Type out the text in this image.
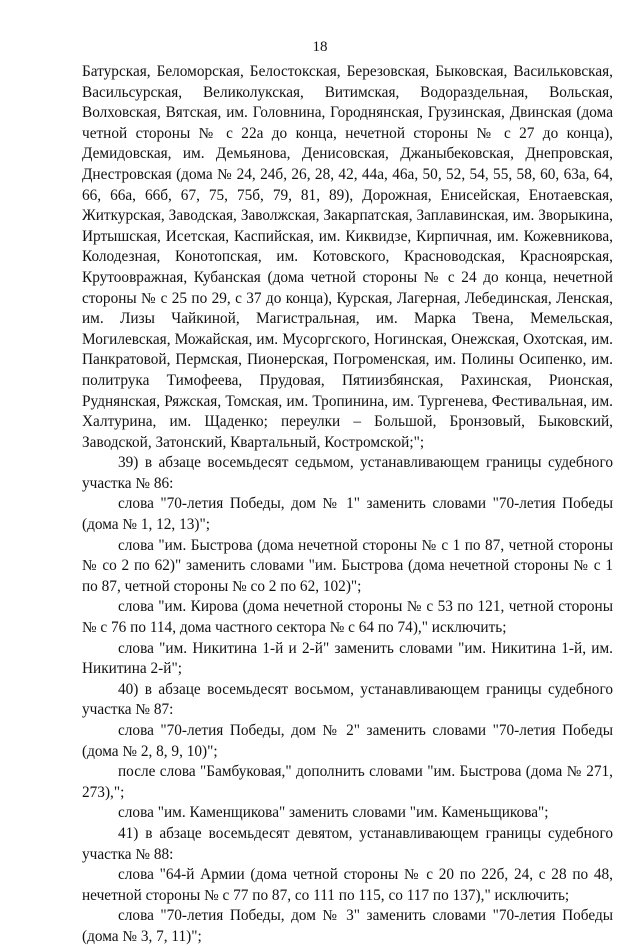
18

Батурская, Беломорская, Белостокская, Березовская, Быковская, Васильковская, Васильсурская, Великолукская, Витимская, Водораздельная, Вольская, Волховская, Вятская, им. Головнина, Городнянская, Грузинская, Двинская (дома четной стороны № с 22а до конца, нечетной стороны № с 27 до конца), Демидовская, им. Демьянова, Денисовская, Джаныбековская, Днепровская, Днестровская (дома № 24, 24б, 26, 28, 42, 44а, 46а, 50, 52, 54, 55, 58, 60, 63а, 64, 66, 66а, 66б, 67, 75, 75б, 79, 81, 89), Дорожная, Енисейская, Енотаевская, Житкурская, Заводская, Заволжская, Закарпатская, Заплавинская, им. Зворыкина, Иртышская, Исетская, Каспийская, им. Киквидзе, Кирпичная, им. Кожевникова, Колодезная, Конотопская, им. Котовского, Красноводская, Красноярская, Крутоовражная, Кубанская (дома четной стороны № с 24 до конца, нечетной стороны № с 25 по 29, с 37 до конца), Курская, Лагерная, Лебединская, Ленская, им. Лизы Чайкиной, Магистральная, им. Марка Твена, Мемельская, Могилевская, Можайская, им. Мусоргского, Ногинская, Онежская, Охотская, им. Панкратовой, Пермская, Пионерская, Погроменская, им. Полины Осипенко, им. политрука Тимофеева, Прудовая, Пятиизбянская, Рахинская, Рионская, Руднянская, Ряжская, Томская, им. Тропинина, им. Тургенева, Фестивальная, им. Халтурина, им. Щаденко; переулки – Большой, Бронзовый, Быковский, Заводской, Затонский, Квартальный, Костромской;";

39) в абзаце восемьдесят седьмом, устанавливающем границы судебного участка № 86:

слова "70-летия Победы, дом № 1" заменить словами "70-летия Победы (дома № 1, 12, 13)";

слова "им. Быстрова (дома нечетной стороны № с 1 по 87, четной стороны № со 2 по 62)" заменить словами "им. Быстрова (дома нечетной стороны № с 1 по 87, четной стороны № со 2 по 62, 102)";

слова "им. Кирова (дома нечетной стороны № с 53 по 121, четной стороны № с 76 по 114, дома частного сектора № с 64 по 74)," исключить;

слова "им. Никитина 1-й и 2-й" заменить словами "им. Никитина 1-й, им. Никитина 2-й";

40) в абзаце восемьдесят восьмом, устанавливающем границы судебного участка № 87:

слова "70-летия Победы, дом № 2" заменить словами "70-летия Победы (дома № 2, 8, 9, 10)";

после слова "Бамбуковая," дополнить словами "им. Быстрова (дома № 271, 273),";

слова "им. Каменщикова" заменить словами "им. Каменьщикова";

41) в абзаце восемьдесят девятом, устанавливающем границы судебного участка № 88:

слова "64-й Армии (дома четной стороны № с 20 по 22б, 24, с 28 по 48, нечетной стороны № с 77 по 87, со 111 по 115, со 117 по 137)," исключить;

слова "70-летия Победы, дом № 3" заменить словами "70-летия Победы (дома № 3, 7, 11)";
